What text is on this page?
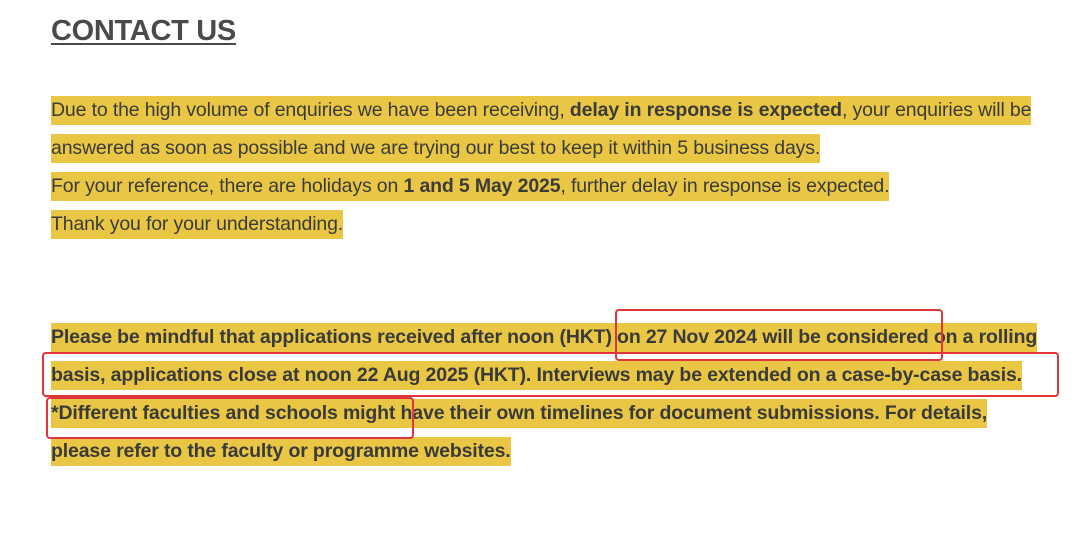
CONTACT US

Due to the high volume of enquiries we have been receiving, delay in response is expected, your enquiries will be answered as soon as possible and we are trying our best to keep it within 5 business days.
For your reference, there are holidays on 1 and 5 May 2025, further delay in response is expected.
Thank you for your understanding.

Please be mindful that applications received after noon (HKT) on 27 Nov 2024 will be considered on a rolling basis, applications close at noon 22 Aug 2025 (HKT). Interviews may be extended on a case-by-case basis. *Different faculties and schools might have their own timelines for document submissions. For details, please refer to the faculty or programme websites.
